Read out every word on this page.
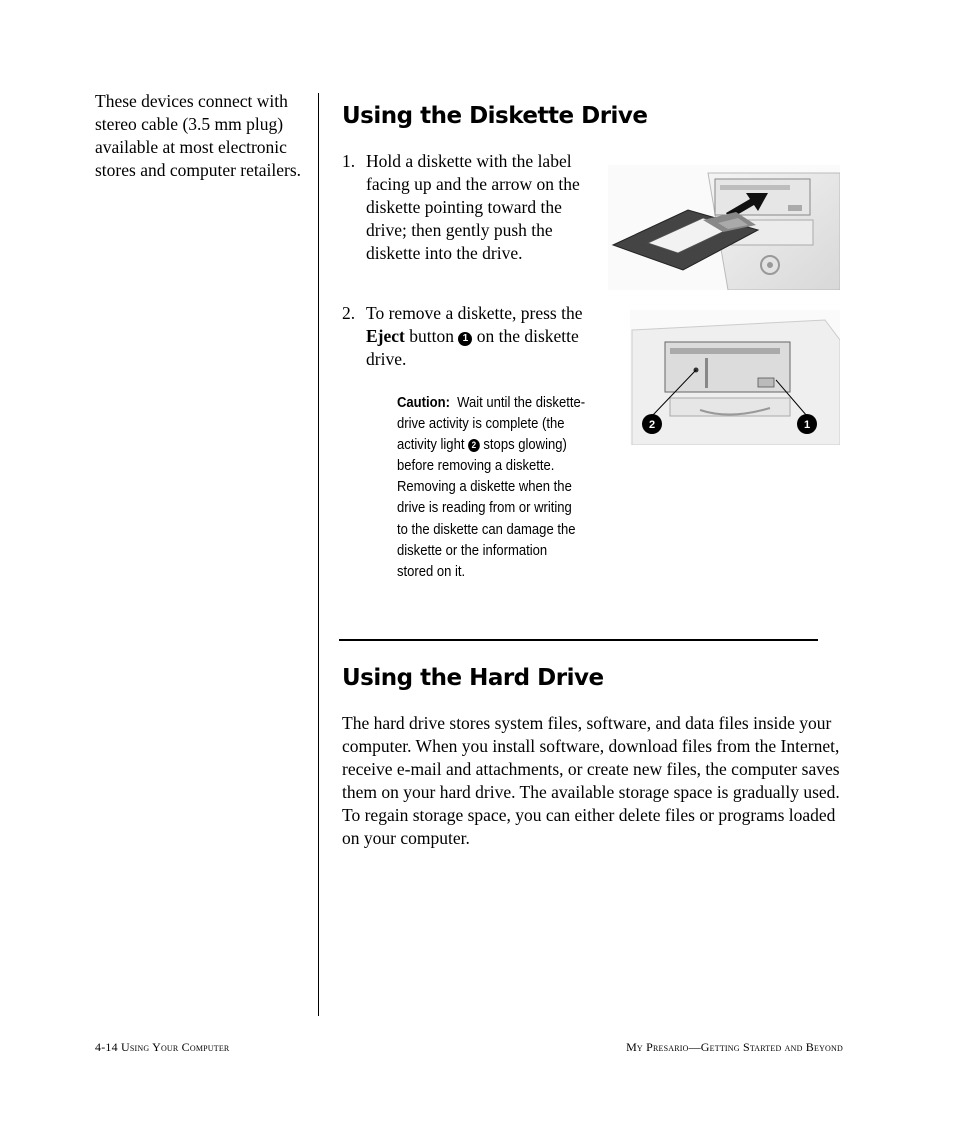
These devices connect with stereo cable (3.5 mm plug) available at most electronic stores and computer retailers.
Using the Diskette Drive
1. Hold a diskette with the label facing up and the arrow on the diskette pointing toward the drive; then gently push the diskette into the drive.
2. To remove a diskette, press the Eject button 1 on the diskette drive.
Caution: Wait until the diskette-drive activity is complete (the activity light 2 stops glowing) before removing a diskette. Removing a diskette when the drive is reading from or writing to the diskette can damage the diskette or the information stored on it.
2	1
Using the Hard Drive
The hard drive stores system files, software, and data files inside your computer. When you install software, download files from the Internet, receive e-mail and attachments, or create new files, the computer saves them on your hard drive. The available storage space is gradually used. To regain storage space, you can either delete files or programs loaded on your computer.
4-14 Using Your Computer	My Presario—Getting Started and Beyond
